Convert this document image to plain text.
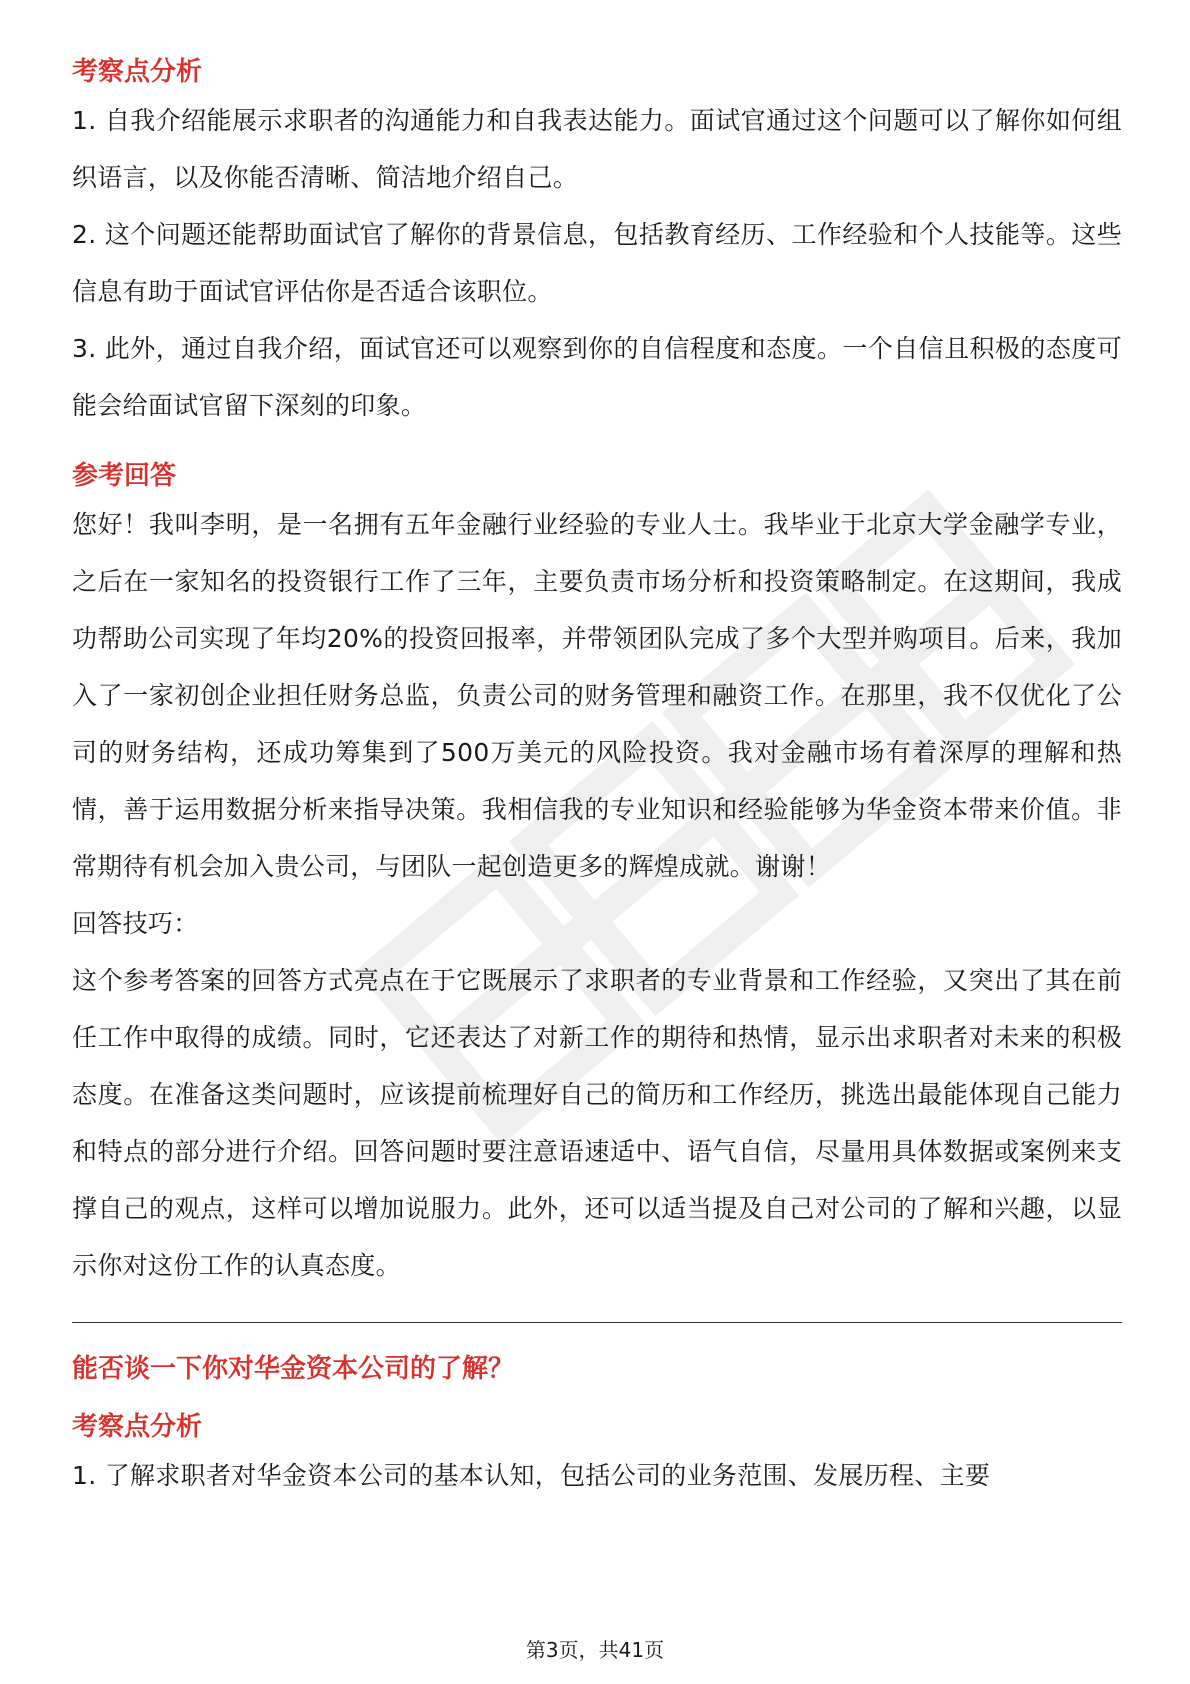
考察点分析

1. 自我介绍能展示求职者的沟通能力和自我表达能力。面试官通过这个问题可以了解你如何组织语言，以及你能否清晰、简洁地介绍自己。

2. 这个问题还能帮助面试官了解你的背景信息，包括教育经历、工作经验和个人技能等。这些信息有助于面试官评估你是否适合该职位。

3. 此外，通过自我介绍，面试官还可以观察到你的自信程度和态度。一个自信且积极的态度可能会给面试官留下深刻的印象。

参考回答

您好！我叫李明，是一名拥有五年金融行业经验的专业人士。我毕业于北京大学金融学专业，之后在一家知名的投资银行工作了三年，主要负责市场分析和投资策略制定。在这期间，我成功帮助公司实现了年均20%的投资回报率，并带领团队完成了多个大型并购项目。后来，我加入了一家初创企业担任财务总监，负责公司的财务管理和融资工作。在那里，我不仅优化了公司的财务结构，还成功筹集到了500万美元的风险投资。我对金融市场有着深厚的理解和热情，善于运用数据分析来指导决策。我相信我的专业知识和经验能够为华金资本带来价值。非常期待有机会加入贵公司，与团队一起创造更多的辉煌成就。谢谢！

回答技巧：

这个参考答案的回答方式亮点在于它既展示了求职者的专业背景和工作经验，又突出了其在前任工作中取得的成绩。同时，它还表达了对新工作的期待和热情，显示出求职者对未来的积极态度。在准备这类问题时，应该提前梳理好自己的简历和工作经历，挑选出最能体现自己能力和特点的部分进行介绍。回答问题时要注意语速适中、语气自信，尽量用具体数据或案例来支撑自己的观点，这样可以增加说服力。此外，还可以适当提及自己对公司的了解和兴趣，以显示你对这份工作的认真态度。

能否谈一下你对华金资本公司的了解？
考察点分析

1. 了解求职者对华金资本公司的基本认知，包括公司的业务范围、发展历程、主要

第3页，共41页
